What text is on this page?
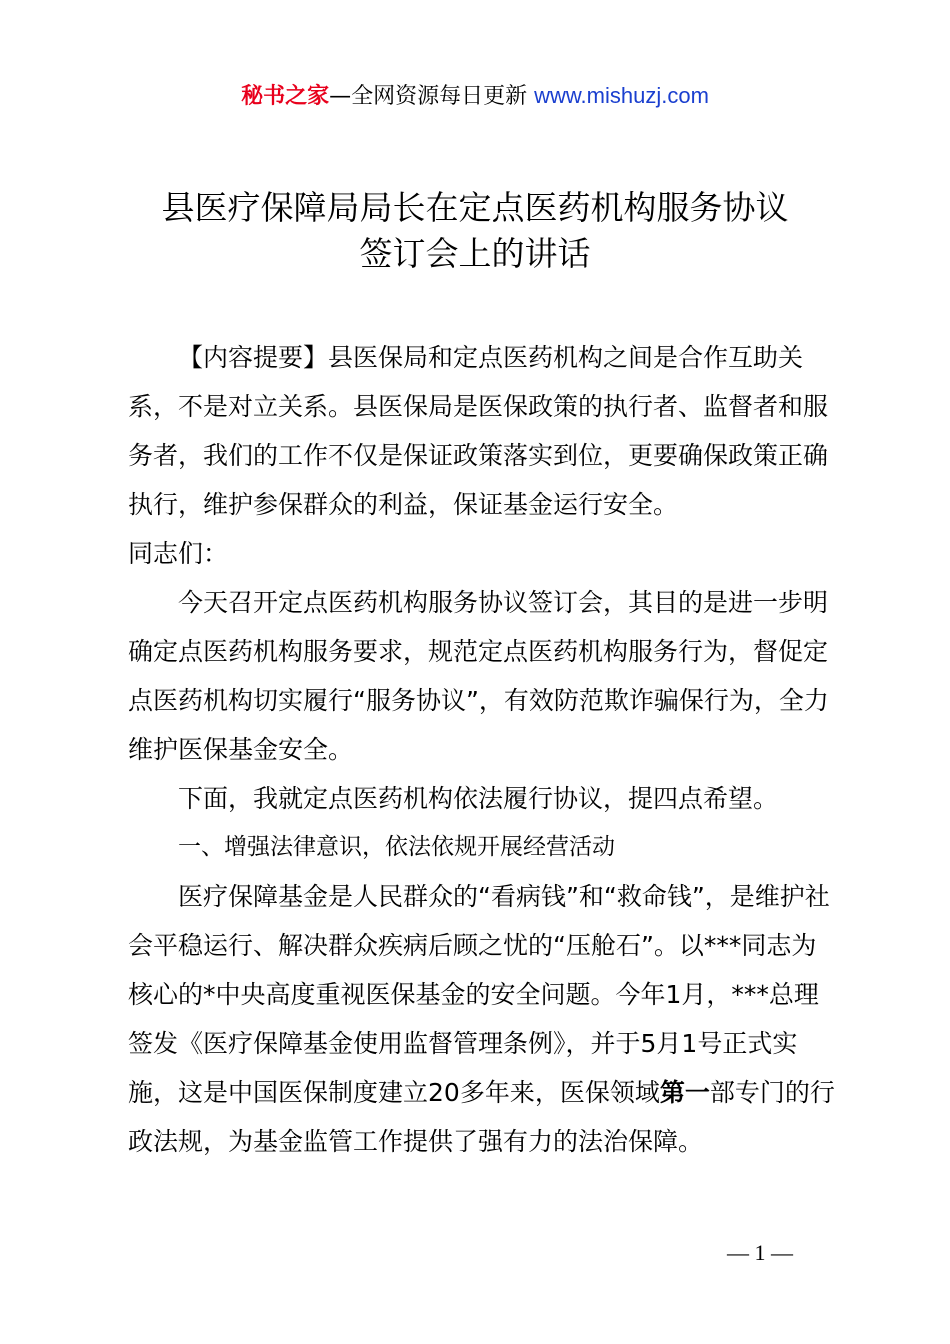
秘书之家—全网资源每日更新 www.mishuzj.com
县医疗保障局局长在定点医药机构服务协议
签订会上的讲话

【内容提要】县医保局和定点医药机构之间是合作互助关系，不是对立关系。县医保局是医保政策的执行者、监督者和服务者，我们的工作不仅是保证政策落实到位，更要确保政策正确执行，维护参保群众的利益，保证基金运行安全。

同志们：

今天召开定点医药机构服务协议签订会，其目的是进一步明确定点医药机构服务要求，规范定点医药机构服务行为，督促定点医药机构切实履行“服务协议”，有效防范欺诈骗保行为，全力维护医保基金安全。

下面，我就定点医药机构依法履行协议，提四点希望。

一、增强法律意识，依法依规开展经营活动

医疗保障基金是人民群众的“看病钱”和“救命钱”，是维护社会平稳运行、解决群众疾病后顾之忧的“压舱石”。以***同志为核心的*中央高度重视医保基金的安全问题。今年1月，***总理签发《医疗保障基金使用监督管理条例》，并于5月1号正式实施，这是中国医保制度建立20多年来，医保领域第一部专门的行政法规，为基金监管工作提供了强有力的法治保障。

— 1 —
